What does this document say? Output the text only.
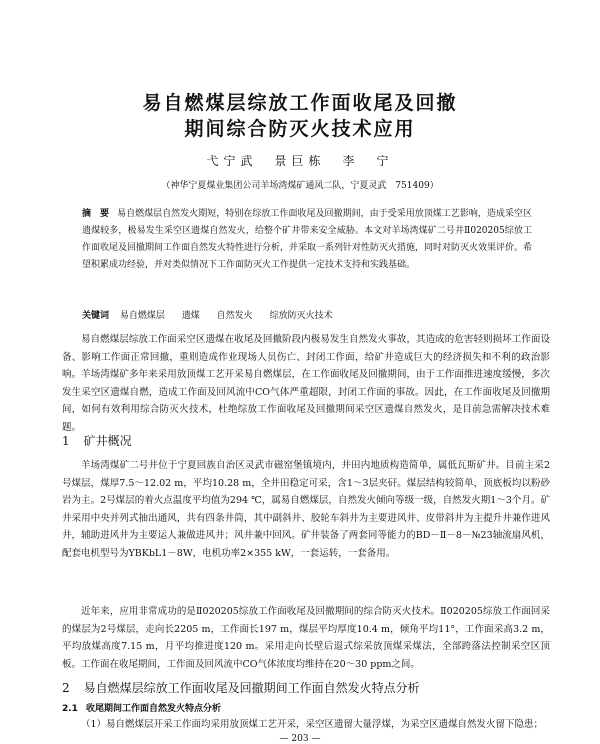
易自燃煤层综放工作面收尾及回撤
期间综合防灭火技术应用
弋宁武　景巨栋　李　宁
（神华宁夏煤业集团公司羊场湾煤矿通风二队，宁夏灵武　751409）
摘　要 易自燃煤层自然发火期短，特别在综放工作面收尾及回撤期间，由于受采用放顶煤工艺影响，造成采空区遗煤较多，极易发生采空区遗煤自然发火，给整个矿井带来安全威胁。本文对羊场湾煤矿二号井Ⅱ020205综放工作面收尾及回撤期间工作面自然发火特性进行分析，并采取一系列针对性防灭火措施，同时对防灭火效果评价。希望积累成功经验，并对类似情况下工作面防灭火工作提供一定技术支持和实践基础。
关键词 易自燃煤层 遗煤 自然发火 综放防灭火技术
易自燃煤层综放工作面采空区遗煤在收尾及回撤阶段内极易发生自然发火事故，其造成的危害轻则损坏工作面设备、影响工作面正常回撤，重则造成作业现场人员伤亡、封闭工作面，给矿井造成巨大的经济损失和不利的政治影响。羊场湾煤矿多年来采用放顶煤工艺开采易自燃煤层，在工作面收尾及回撤期间，由于工作面推进速度缓慢，多次发生采空区遗煤自燃，造成工作面及回风流中CO气体严重超限，封闭工作面的事故。因此，在工作面收尾及回撤期间，如何有效利用综合防灭火技术，杜绝综放工作面收尾及回撤期间采空区遗煤自然发火，是目前急需解决技术难题。
1 矿井概况
羊场湾煤矿二号井位于宁夏回族自治区灵武市磁窑堡镇境内，井田内地质构造简单，属低瓦斯矿井。目前主采2号煤层，煤厚7.5～12.02 m，平均10.28 m，全井田稳定可采，含1～3层夹矸。煤层结构较简单，顶底板均以粉砂岩为主。2号煤层的着火点温度平均值为294 ℃，属易自燃煤层，自然发火倾向等级一级，自然发火期1～3个月。矿井采用中央并列式抽出通风，共有四条井筒，其中副斜井、胶轮车斜井为主要进风井、皮带斜井为主提升井兼作进风井，辅助进风井为主要运人兼做进风井；风井兼中回风。矿井装备了两套同等能力的BD－Ⅱ－8－№23轴流扇风机，配套电机型号为YBKbL1－8W，电机功率2×355 kW，一套运转，一套备用。
近年来，应用非常成功的是Ⅱ020205综放工作面收尾及回撤期间的综合防灭火技术。Ⅱ020205综放工作面回采的煤层为2号煤层，走向长2205 m，工作面长197 m，煤层平均厚度10.4 m，倾角平均11°，工作面采高3.2 m，平均放煤高度7.15 m，月平均推进度120 m。采用走向长壁后退式综采放顶煤采煤法，全部跨落法控制采空区顶板。工作面在收尾期间，工作面及回风流中CO气体浓度均维持在20～30 ppm之间。
2 易自燃煤层综放工作面收尾及回撤期间工作面自然发火特点分析
2.1 收尾期间工作面自然发火特点分析
（1）易自燃煤层开采工作面均采用放顶煤工艺开采，采空区遗留大量浮煤，为采空区遗煤自然发火留下隐患；
— 203 —
